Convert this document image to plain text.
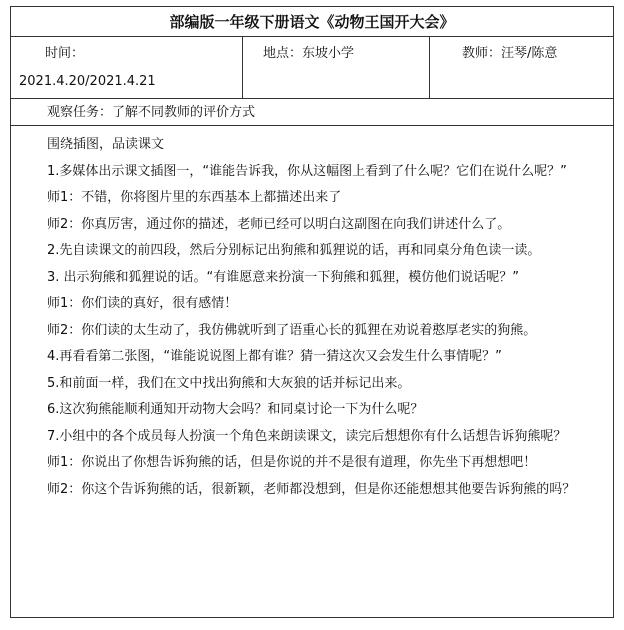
部编版一年级下册语文《动物王国开大会》
时间：
2021.4.20/2021.4.21
地点：东坡小学	教师：汪琴/陈意
观察任务：了解不同教师的评价方式

围绕插图，品读课文

1.多媒体出示课文插图一，“谁能告诉我，你从这幅图上看到了什么呢？它们在说什么呢？”

师1：不错，你将图片里的东西基本上都描述出来了

师2：你真厉害，通过你的描述，老师已经可以明白这副图在向我们讲述什么了。

2.先自读课文的前四段，然后分别标记出狗熊和狐狸说的话，再和同桌分角色读一读。

3. 出示狗熊和狐狸说的话。“有谁愿意来扮演一下狗熊和狐狸，模仿他们说话呢？”

师1：你们读的真好，很有感情！

师2：你们读的太生动了，我仿佛就听到了语重心长的狐狸在劝说着憨厚老实的狗熊。

4.再看看第二张图，“谁能说说图上都有谁？猜一猜这次又会发生什么事情呢？”

5.和前面一样，我们在文中找出狗熊和大灰狼的话并标记出来。

6.这次狗熊能顺利通知开动物大会吗？和同桌讨论一下为什么呢？

7.小组中的各个成员每人扮演一个角色来朗读课文，读完后想想你有什么话想告诉狗熊呢？

师1：你说出了你想告诉狗熊的话，但是你说的并不是很有道理，你先坐下再想想吧！

师2：你这个告诉狗熊的话，很新颖，老师都没想到，但是你还能想想其他要告诉狗熊的吗？
